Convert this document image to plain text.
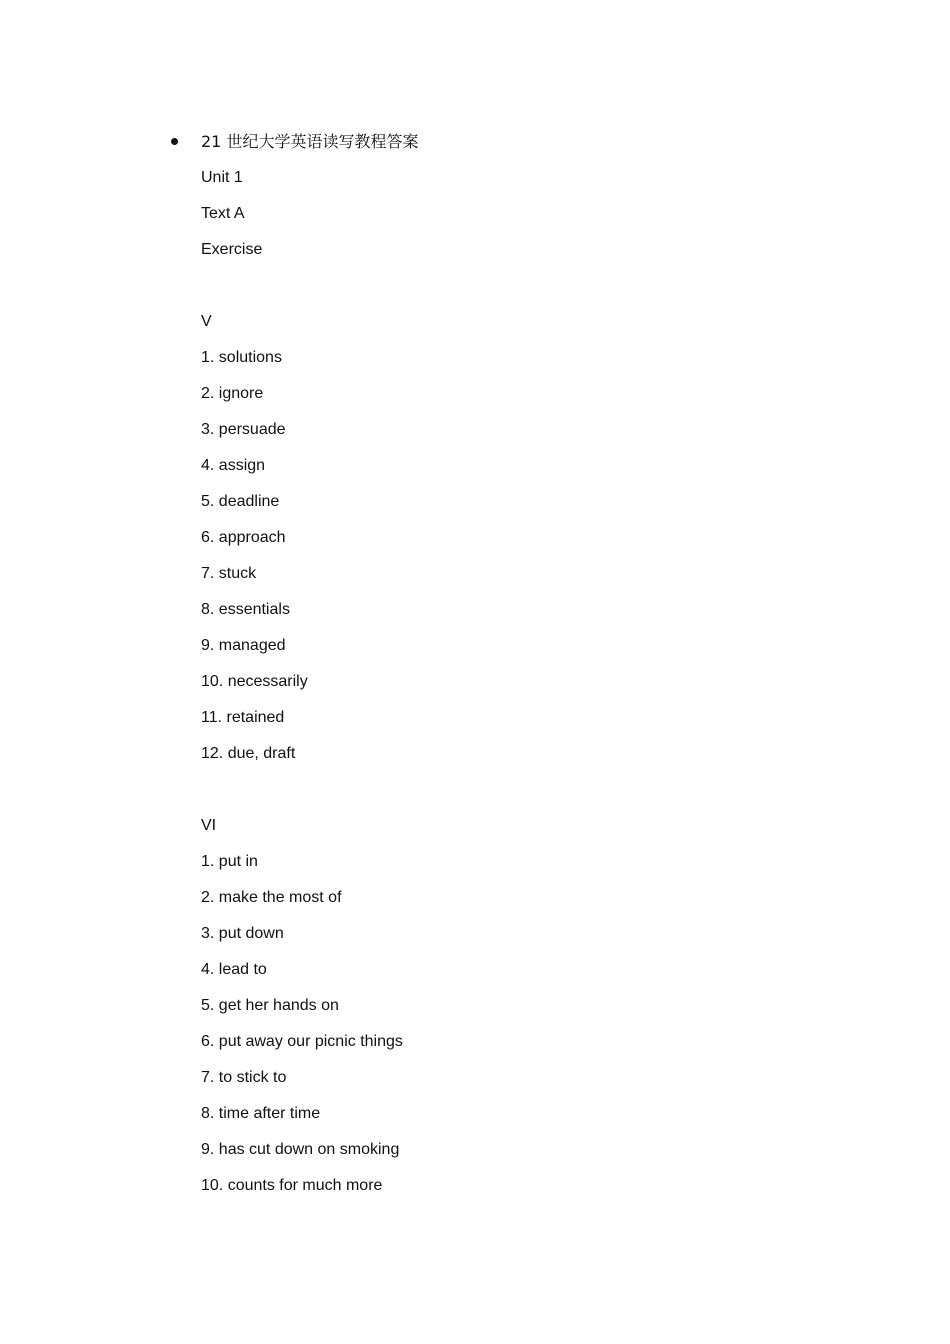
21 世纪大学英语读写教程答案
Unit 1
Text A
Exercise
V
1. solutions
2. ignore
3. persuade
4. assign
5. deadline
6. approach
7. stuck
8. essentials
9. managed
10. necessarily
11. retained
12. due, draft
VI
1. put in
2. make the most of
3. put down
4. lead to
5. get her hands on
6. put away our picnic things
7. to stick to
8. time after time
9. has cut down on smoking
10. counts for much more
